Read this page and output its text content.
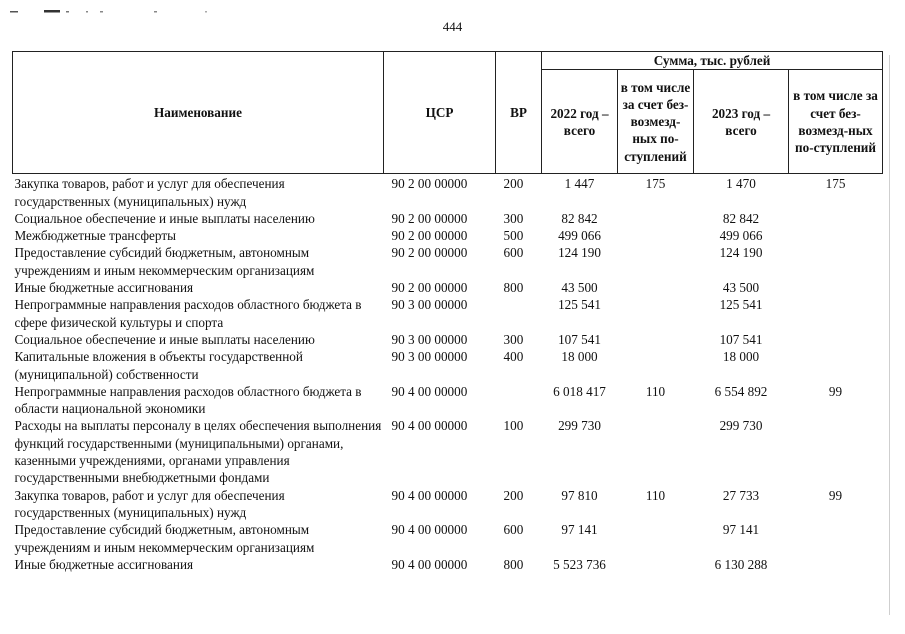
444
Наименование	ЦСР	ВР	Сумма, тыс. рублей			
			2022 год – всего	в том числе за счет без-возмезд-ных по-ступлений	2023 год – всего	в том числе за счет без-возмезд-ных по-ступлений
Закупка товаров, работ и услуг для обеспечения государственных (муниципальных) нужд	90 2 00 00000	200	1 447	175	1 470	175
Социальное обеспечение и иные выплаты населению	90 2 00 00000	300	82 842		82 842	
Межбюджетные трансферты	90 2 00 00000	500	499 066		499 066	
Предоставление субсидий бюджетным, автономным учреждениям и иным некоммерческим организациям	90 2 00 00000	600	124 190		124 190	
Иные бюджетные ассигнования	90 2 00 00000	800	43 500		43 500	
Непрограммные направления расходов областного бюджета в сфере физической культуры и спорта	90 3 00 00000		125 541		125 541	
Социальное обеспечение и иные выплаты населению	90 3 00 00000	300	107 541		107 541	
Капитальные вложения в объекты государственной (муниципальной) собственности	90 3 00 00000	400	18 000		18 000	
Непрограммные направления расходов областного бюджета в области национальной экономики	90 4 00 00000		6 018 417	110	6 554 892	99
Расходы на выплаты персоналу в целях обеспечения выполнения функций государственными (муниципальными) органами, казенными учреждениями, органами управления государственными внебюджетными фондами	90 4 00 00000	100	299 730		299 730	
Закупка товаров, работ и услуг для обеспечения государственных (муниципальных) нужд	90 4 00 00000	200	97 810	110	27 733	99
Предоставление субсидий бюджетным, автономным учреждениям и иным некоммерческим организациям	90 4 00 00000	600	97 141		97 141	
Иные бюджетные ассигнования	90 4 00 00000	800	5 523 736		6 130 288	
